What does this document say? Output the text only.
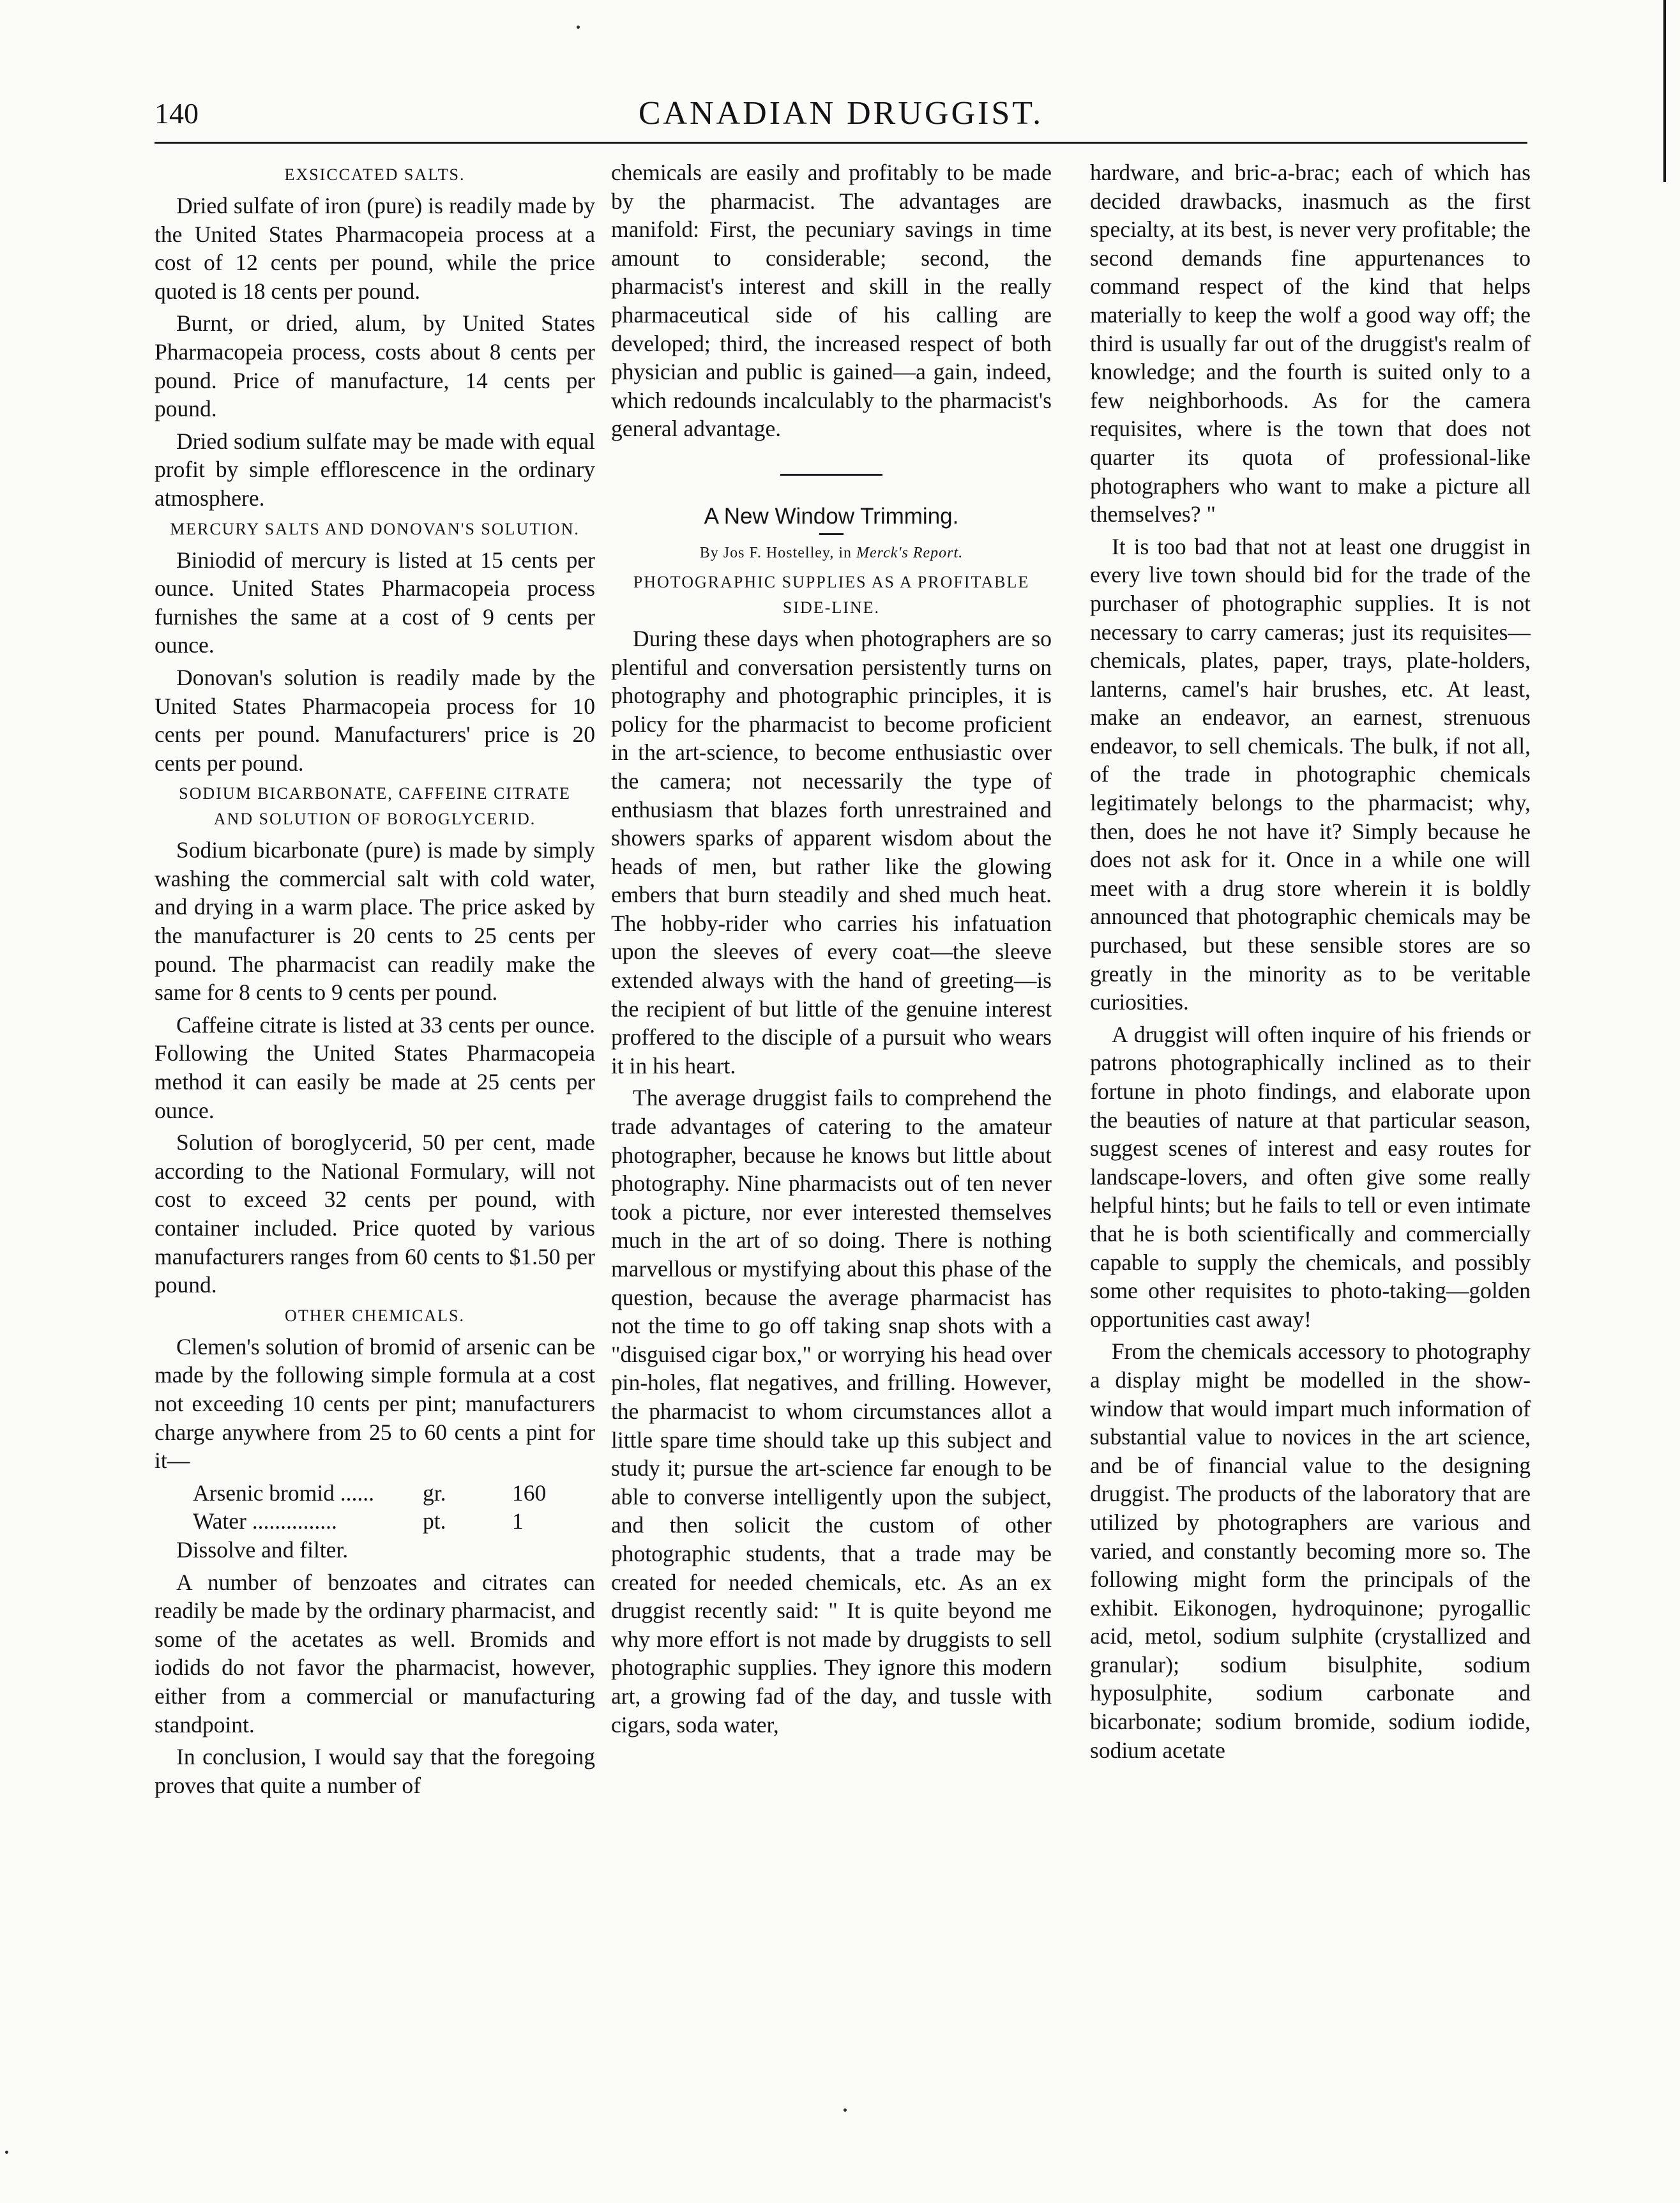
140	CANADIAN DRUGGIST.
EXSICCATED SALTS.

Dried sulfate of iron (pure) is readily made by the United States Pharmacopeia process at a cost of 12 cents per pound, while the price quoted is 18 cents per pound.

Burnt, or dried, alum, by United States Pharmacopeia process, costs about 8 cents per pound. Price of manufacture, 14 cents per pound.

Dried sodium sulfate may be made with equal profit by simple efflorescence in the ordinary atmosphere.

MERCURY SALTS AND DONOVAN'S SOLUTION.

Biniodid of mercury is listed at 15 cents per ounce. United States Pharmacopeia process furnishes the same at a cost of 9 cents per ounce.

Donovan's solution is readily made by the United States Pharmacopeia process for 10 cents per pound. Manufacturers' price is 20 cents per pound.

SODIUM BICARBONATE, CAFFEINE CITRATE AND SOLUTION OF BOROGLYCERID.

Sodium bicarbonate (pure) is made by simply washing the commercial salt with cold water, and drying in a warm place. The price asked by the manufacturer is 20 cents to 25 cents per pound. The pharmacist can readily make the same for 8 cents to 9 cents per pound.

Caffeine citrate is listed at 33 cents per ounce. Following the United States Pharmacopeia method it can easily be made at 25 cents per ounce.

Solution of boroglycerid, 50 per cent, made according to the National Formulary, will not cost to exceed 32 cents per pound, with container included. Price quoted by various manufacturers ranges from 60 cents to $1.50 per pound.

OTHER CHEMICALS.

Clemen's solution of bromid of arsenic can be made by the following simple formula at a cost not exceeding 10 cents per pint; manufacturers charge anywhere from 25 to 60 cents a pint for it—

Arsenic bromid ......	gr.	160
Water ...............	pt.	1

Dissolve and filter.

A number of benzoates and citrates can readily be made by the ordinary pharmacist, and some of the acetates as well. Bromids and iodids do not favor the pharmacist, however, either from a commercial or manufacturing standpoint.

In conclusion, I would say that the foregoing proves that quite a number of

chemicals are easily and profitably to be made by the pharmacist. The advantages are manifold: First, the pecuniary savings in time amount to considerable; second, the pharmacist's interest and skill in the really pharmaceutical side of his calling are developed; third, the increased respect of both physician and public is gained—a gain, indeed, which redounds incalculably to the pharmacist's general advantage.

A New Window Trimming.
By Jos F. Hostelley, in Merck's Report.
PHOTOGRAPHIC SUPPLIES AS A PROFITABLE SIDE-LINE.

During these days when photographers are so plentiful and conversation persistently turns on photography and photographic principles, it is policy for the pharmacist to become proficient in the art-science, to become enthusiastic over the camera; not necessarily the type of enthusiasm that blazes forth unrestrained and showers sparks of apparent wisdom about the heads of men, but rather like the glowing embers that burn steadily and shed much heat. The hobby-rider who carries his infatuation upon the sleeves of every coat—the sleeve extended always with the hand of greeting—is the recipient of but little of the genuine interest proffered to the disciple of a pursuit who wears it in his heart.

The average druggist fails to comprehend the trade advantages of catering to the amateur photographer, because he knows but little about photography. Nine pharmacists out of ten never took a picture, nor ever interested themselves much in the art of so doing. There is nothing marvellous or mystifying about this phase of the question, because the average pharmacist has not the time to go off taking snap shots with a "disguised cigar box," or worrying his head over pin-holes, flat negatives, and frilling. However, the pharmacist to whom circumstances allot a little spare time should take up this subject and study it; pursue the art-science far enough to be able to converse intelligently upon the subject, and then solicit the custom of other photographic students, that a trade may be created for needed chemicals, etc. As an ex druggist recently said: " It is quite beyond me why more effort is not made by druggists to sell photographic supplies. They ignore this modern art, a growing fad of the day, and tussle with cigars, soda water,

hardware, and bric-a-brac; each of which has decided drawbacks, inasmuch as the first specialty, at its best, is never very profitable; the second demands fine appurtenances to command respect of the kind that helps materially to keep the wolf a good way off; the third is usually far out of the druggist's realm of knowledge; and the fourth is suited only to a few neighborhoods. As for the camera requisites, where is the town that does not quarter its quota of professional-like photographers who want to make a picture all themselves? "

It is too bad that not at least one druggist in every live town should bid for the trade of the purchaser of photographic supplies. It is not necessary to carry cameras; just its requisites—chemicals, plates, paper, trays, plate-holders, lanterns, camel's hair brushes, etc. At least, make an endeavor, an earnest, strenuous endeavor, to sell chemicals. The bulk, if not all, of the trade in photographic chemicals legitimately belongs to the pharmacist; why, then, does he not have it? Simply because he does not ask for it. Once in a while one will meet with a drug store wherein it is boldly announced that photographic chemicals may be purchased, but these sensible stores are so greatly in the minority as to be veritable curiosities.

A druggist will often inquire of his friends or patrons photographically inclined as to their fortune in photo findings, and elaborate upon the beauties of nature at that particular season, suggest scenes of interest and easy routes for landscape-lovers, and often give some really helpful hints; but he fails to tell or even intimate that he is both scientifically and commercially capable to supply the chemicals, and possibly some other requisites to photo-taking—golden opportunities cast away!

From the chemicals accessory to photography a display might be modelled in the show-window that would impart much information of substantial value to novices in the art science, and be of financial value to the designing druggist. The products of the laboratory that are utilized by photographers are various and varied, and constantly becoming more so. The following might form the principals of the exhibit. Eikonogen, hydroquinone; pyrogallic acid, metol, sodium sulphite (crystallized and granular); sodium bisulphite, sodium hyposulphite, sodium carbonate and bicarbonate; sodium bromide, sodium iodide, sodium acetate
